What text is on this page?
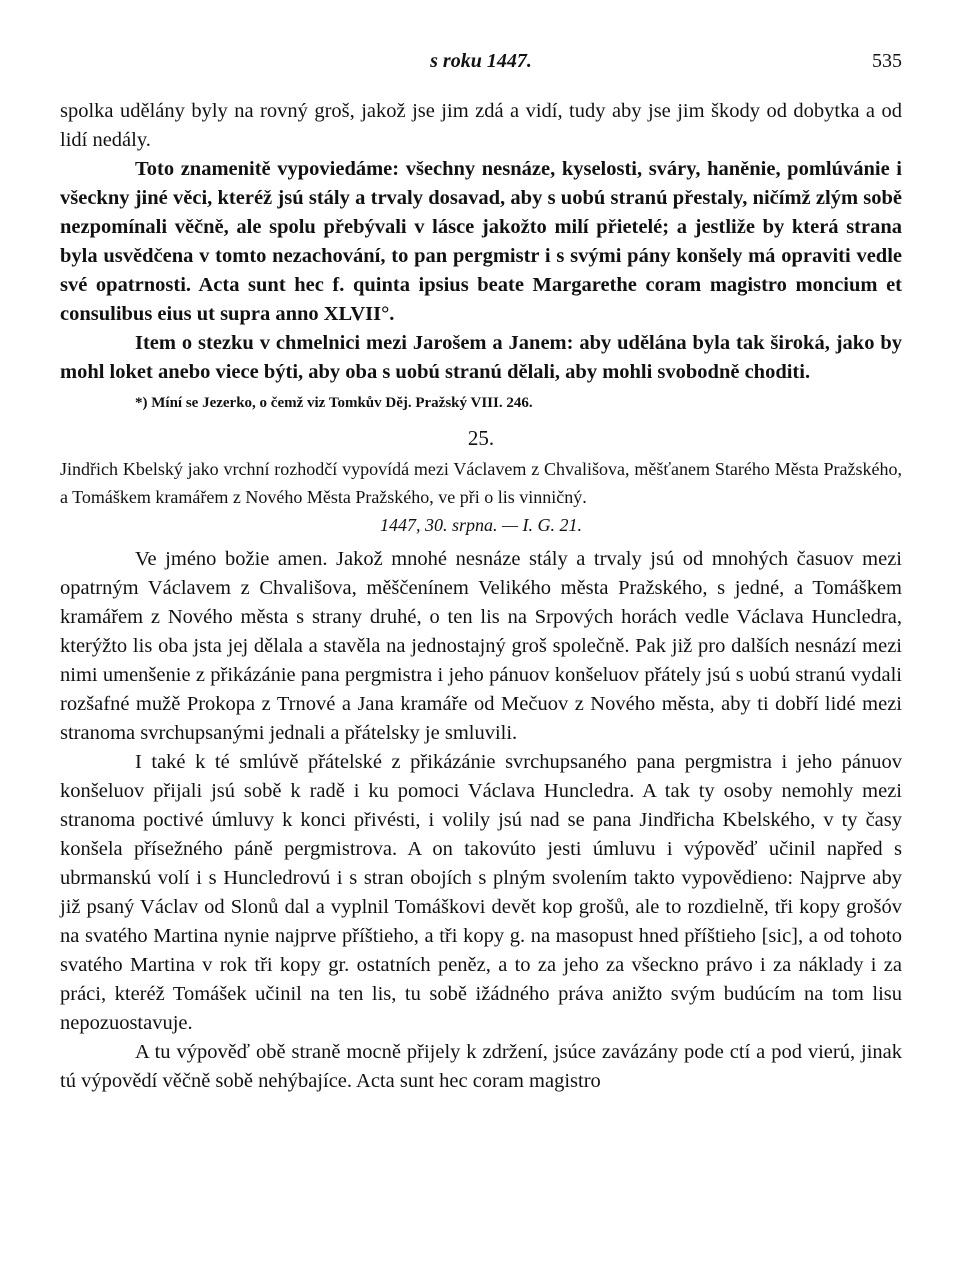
s roku 1447.	535

spolka udělány byly na rovný groš, jakož jse jim zdá a vidí, tudy aby jse jim škody od dobytka a od lidí nedály.

Toto znamenitě vypoviedáme: všechny nesnáze, kyselosti, sváry, haněnie, pomlúvánie i všeckny jiné věci, kteréž jsú stály a trvaly dosavad, aby s uobú stranú přestaly, ničímž zlým sobě nezpomínali věčně, ale spolu přebývali v lásce jakožto milí přietelé; a jestliže by která strana byla usvědčena v tomto nezachování, to pan pergmistr i s svými pány konšely má opraviti vedle své opatrnosti. Acta sunt hec f. quinta ipsius beate Margarethe coram magistro moncium et consulibus eius ut supra anno XLVII°.

Item o stezku v chmelnici mezi Jarošem a Janem: aby udělána byla tak široká, jako by mohl loket anebo viece býti, aby oba s uobú stranú dělali, aby mohli svobodně choditi.

*) Míní se Jezerko, o čemž viz Tomkův Děj. Pražský VIII. 246.

25.

Jindřich Kbelský jako vrchní rozhodčí vypovídá mezi Václavem z Chvališova, měšťanem Starého Města Pražského, a Tomáškem kramářem z Nového Města Pražského, ve při o lis vinničný.

1447, 30. srpna. — I. G. 21.

Ve jméno božie amen. Jakož mnohé nesnáze stály a trvaly jsú od mnohých časuov mezi opatrným Václavem z Chvališova, měščenínem Velikého města Pražského, s jedné, a Tomáškem kramářem z Nového města s strany druhé, o ten lis na Srpových horách vedle Václava Huncledra, kterýžto lis oba jsta jej dělala a stavěla na jednostajný groš společně. Pak již pro dalších nesnází mezi nimi umenšenie z přikázánie pana pergmistra i jeho pánuov konšeluov přátely jsú s uobú stranú vydali rozšafné mužě Prokopa z Trnové a Jana kramáře od Mečuov z Nového města, aby ti dobří lidé mezi stranoma svrchupsanými jednali a přátelsky je smluvili.

I také k té smlúvě přátelské z přikázánie svrchupsaného pana pergmistra i jeho pánuov konšeluov přijali jsú sobě k radě i ku pomoci Václava Huncledra. A tak ty osoby nemohly mezi stranoma poctivé úmluvy k konci přivésti, i volily jsú nad se pana Jindřicha Kbelského, v ty časy konšela přísežného páně pergmistrova. A on takovúto jesti úmluvu i výpověď učinil napřed s ubrmanskú volí i s Huncledrovú i s stran obojích s plným svolením takto vypovědieno: Najprve aby již psaný Václav od Slonů dal a vyplnil Tomáškovi devět kop grošů, ale to rozdielně, tři kopy grošóv na svatého Martina nynie najprve příštieho, a tři kopy g. na masopust hned příštieho [sic], a od tohoto svatého Martina v rok tři kopy gr. ostatních peněz, a to za jeho za všeckno právo i za náklady i za práci, kteréž Tomášek učinil na ten lis, tu sobě ižádného práva anižto svým budúcím na tom lisu nepozuostavuje.

A tu výpověď obě straně mocně přijely k zdržení, jsúce zavázány pode ctí a pod vierú, jinak tú výpovědí věčně sobě nehýbajíce. Acta sunt hec coram magistro
